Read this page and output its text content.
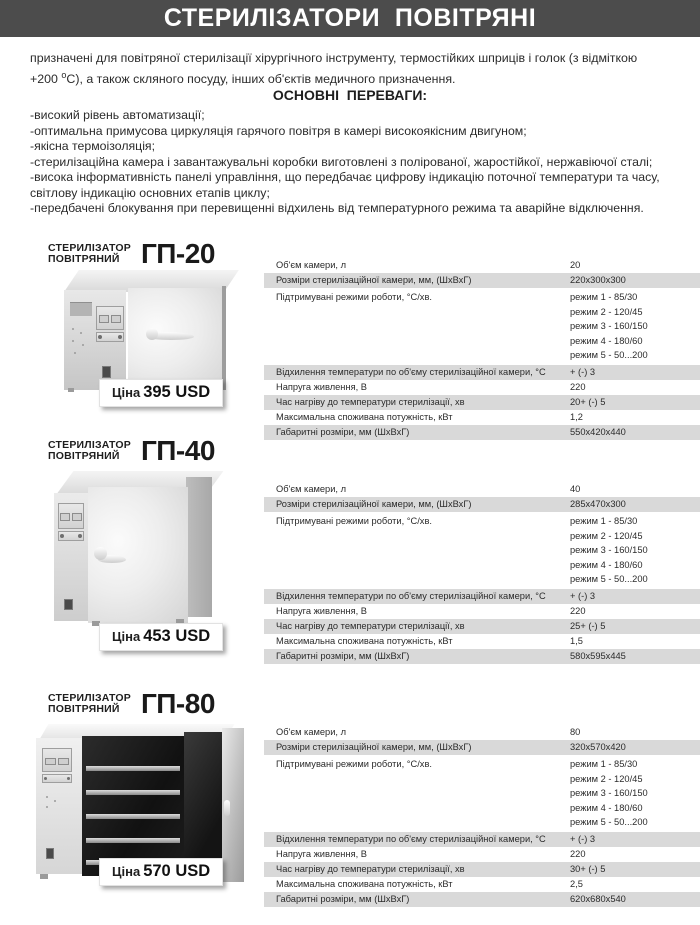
СТЕРИЛІЗАТОРИ  ПОВІТРЯНІ
призначені для повітряної стерилізації хірургічного інструменту, термостійких шприців і голок (з відміткою
+200 $^о$С), а також скляного посуду, інших об'єктів медичного призначення.
ОСНОВНІ  ПЕРЕВАГИ:
-високий рівень автоматизації;
-оптимальна примусова циркуляція гарячого повітря в камері високоякісним двигуном;
-якісна термоізоляція;
-стерилізаційна камера і завантажувальні коробки виготовлені з полірованої, жаростійкої, нержавіючої сталі;
-висока інформативність панелі управління, що передбачає цифрову індикацію поточної температури та часу, світлову індикацію основних етапів циклу;
-передбачені блокування при перевищенні відхилень від температурного режима та аварійне відключення.
СТЕРИЛІЗАТОР
ПОВІТРЯНИЙ ГП-20
Ціна 395 USD
Об'єм камери, л	20
Розміри стерилізаційної камери, мм, (ШхВхГ)	220x300x300
Підтримувані режими роботи, °С/хв.	режим 1 - 85/30
режим 2 - 120/45
режим 3 - 160/150
режим 4 - 180/60
режим 5 - 50...200
Відхилення температури по об'єму стерилізаційної камери, °С	+ (-) 3
Напруга живлення, В	220
Час нагріву до температури стерилізації, хв	20+ (-) 5
Максимальна споживана потужність, кВт	1,2
Габаритні розміри, мм (ШхВхГ)	550x420x440
СТЕРИЛІЗАТОР
ПОВІТРЯНИЙ ГП-40
Ціна 453 USD
Об'єм камери, л	40
Розміри стерилізаційної камери, мм, (ШхВхГ)	285x470x300
Підтримувані режими роботи, °С/хв.	режим 1 - 85/30
режим 2 - 120/45
режим 3 - 160/150
режим 4 - 180/60
режим 5 - 50...200
Відхилення температури по об'єму стерилізаційної камери, °С	+ (-) 3
Напруга живлення, В	220
Час нагріву до температури стерилізації, хв	25+ (-) 5
Максимальна споживана потужність, кВт	1,5
Габаритні розміри, мм (ШхВхГ)	580x595x445
СТЕРИЛІЗАТОР
ПОВІТРЯНИЙ ГП-80
Ціна 570 USD
Об'єм камери, л	80
Розміри стерилізаційної камери, мм, (ШхВхГ)	320x570x420
Підтримувані режими роботи, °С/хв.	режим 1 - 85/30
режим 2 - 120/45
режим 3 - 160/150
режим 4 - 180/60
режим 5 - 50...200
Відхилення температури по об'єму стерилізаційної камери, °С	+ (-) 3
Напруга живлення, В	220
Час нагріву до температури стерилізації, хв	30+ (-) 5
Максимальна споживана потужність, кВт	2,5
Габаритні розміри, мм (ШхВхГ)	620x680x540
